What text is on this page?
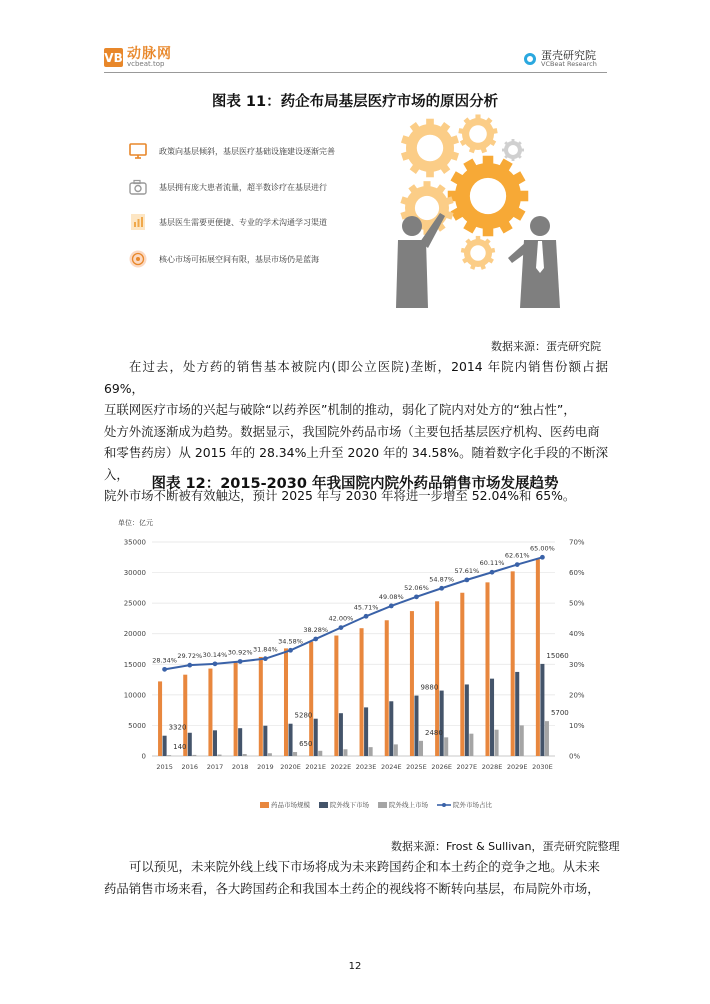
VB 动脉网
vcbeat.top
蛋壳研究院
VCBeat Research
图表 11：药企布局基层医疗市场的原因分析
政策向基层倾斜，基层医疗基础设施建设逐渐完善
基层拥有庞大患者流量，超半数诊疗在基层进行
基层医生需要更便捷、专业的学术沟通学习渠道
核心市场可拓展空间有限，基层市场仍是蓝海
数据来源：蛋壳研究院

在过去，处方药的销售基本被院内(即公立医院)垄断，2014 年院内销售份额占据 69%，

互联网医疗市场的兴起与破除“以药养医”机制的推动，弱化了院内对处方的“独占性”，

处方外流逐渐成为趋势。数据显示，我国院外药品市场（主要包括基层医疗机构、医药电商

和零售药房）从 2015 年的 28.34%上升至 2020 年的 34.58%。随着数字化手段的不断深入，

院外市场不断被有效触达，预计 2025 年与 2030 年将进一步增至 52.04%和 65%。

图表 12：2015-2030 年我国院内院外药品销售市场发展趋势
单位：亿元
0
5000
10000
15000
20000
25000
30000
35000
0%
10%
20%
30%
40%
50%
60%
70%
2015 2016 2017 2018 2019 2020E 2021E 2022E 2023E 2024E 2025E 2026E 2027E 2028E 2029E 2030E
3320
140
5280
650
9880
2480
15060
5700
28.34%
29.72% 30.14% 30.92% 31.84%
34.58%
38.28%
42.00%
45.71%
49.08%
52.06%
54.87%
57.61%
60.11%
62.61%
65.00%
药品市场规模	院外线下市场	院外线上市场	院外市场占比
数据来源：Frost & Sullivan，蛋壳研究院整理

可以预见，未来院外线上线下市场将成为未来跨国药企和本土药企的竞争之地。从未来

药品销售市场来看，各大跨国药企和我国本土药企的视线将不断转向基层，布局院外市场，

12
